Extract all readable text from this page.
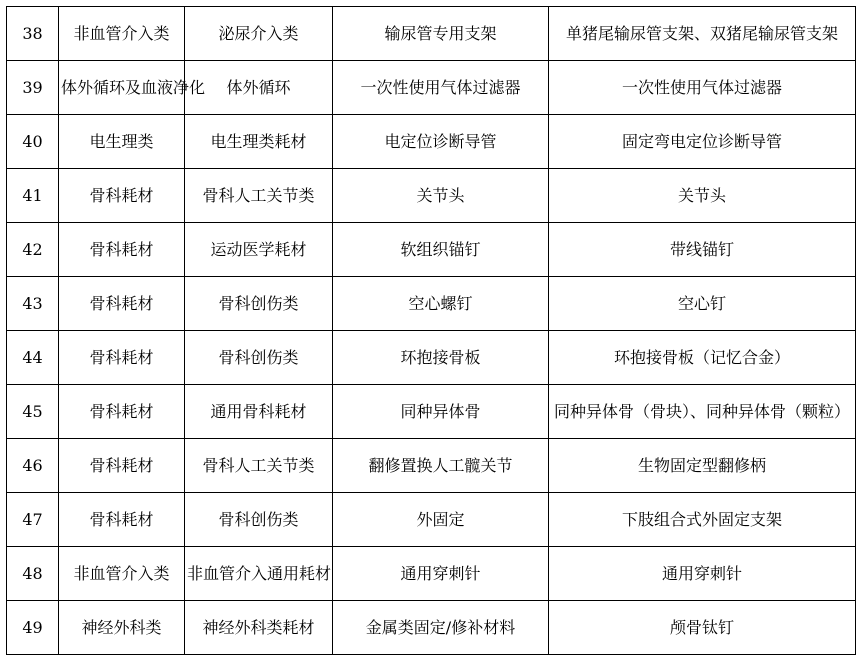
38	非血管介入类	泌尿介入类	输尿管专用支架	单猪尾输尿管支架、双猪尾输尿管支架
39	体外循环及血液净化	体外循环	一次性使用气体过滤器	一次性使用气体过滤器
40	电生理类	电生理类耗材	电定位诊断导管	固定弯电定位诊断导管
41	骨科耗材	骨科人工关节类	关节头	关节头
42	骨科耗材	运动医学耗材	软组织锚钉	带线锚钉
43	骨科耗材	骨科创伤类	空心螺钉	空心钉
44	骨科耗材	骨科创伤类	环抱接骨板	环抱接骨板（记忆合金）
45	骨科耗材	通用骨科耗材	同种异体骨	同种异体骨（骨块）、同种异体骨（颗粒）
46	骨科耗材	骨科人工关节类	翻修置换人工髋关节	生物固定型翻修柄
47	骨科耗材	骨科创伤类	外固定	下肢组合式外固定支架
48	非血管介入类	非血管介入通用耗材	通用穿刺针	通用穿刺针
49	神经外科类	神经外科类耗材	金属类固定/修补材料	颅骨钛钉
